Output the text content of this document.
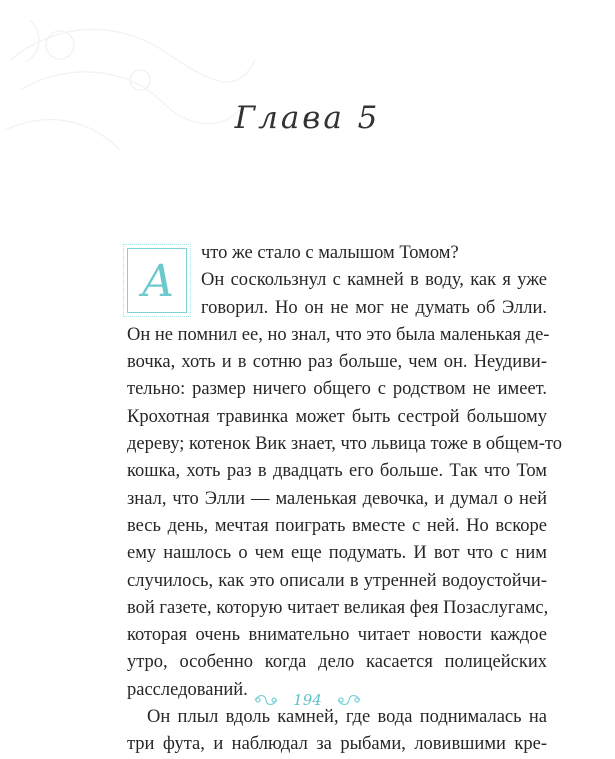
Глава 5
А
что же стало с малышом Томом?
Он соскользнул с камней в воду, как я уже
говорил. Но он не мог не думать об Элли.
Он не помнил ее, но знал, что это была маленькая де-
вочка, хоть и в сотню раз больше, чем он. Неудиви-
тельно: размер ничего общего с родством не имеет.
Крохотная травинка может быть сестрой большому
дереву; котенок Вик знает, что львица тоже в общем-то
кошка, хоть раз в двадцать его больше. Так что Том
знал, что Элли — маленькая девочка, и думал о ней
весь день, мечтая поиграть вместе с ней. Но вскоре
ему нашлось о чем еще подумать. И вот что с ним
случилось, как это описали в утренней водоустойчи-
вой газете, которую читает великая фея Позаслугамс,
которая очень внимательно читает новости каждое
утро, особенно когда дело касается полицейских
расследований.
Он плыл вдоль камней, где вода поднималась на
три фута, и наблюдал за рыбами, ловившими кре-
194
